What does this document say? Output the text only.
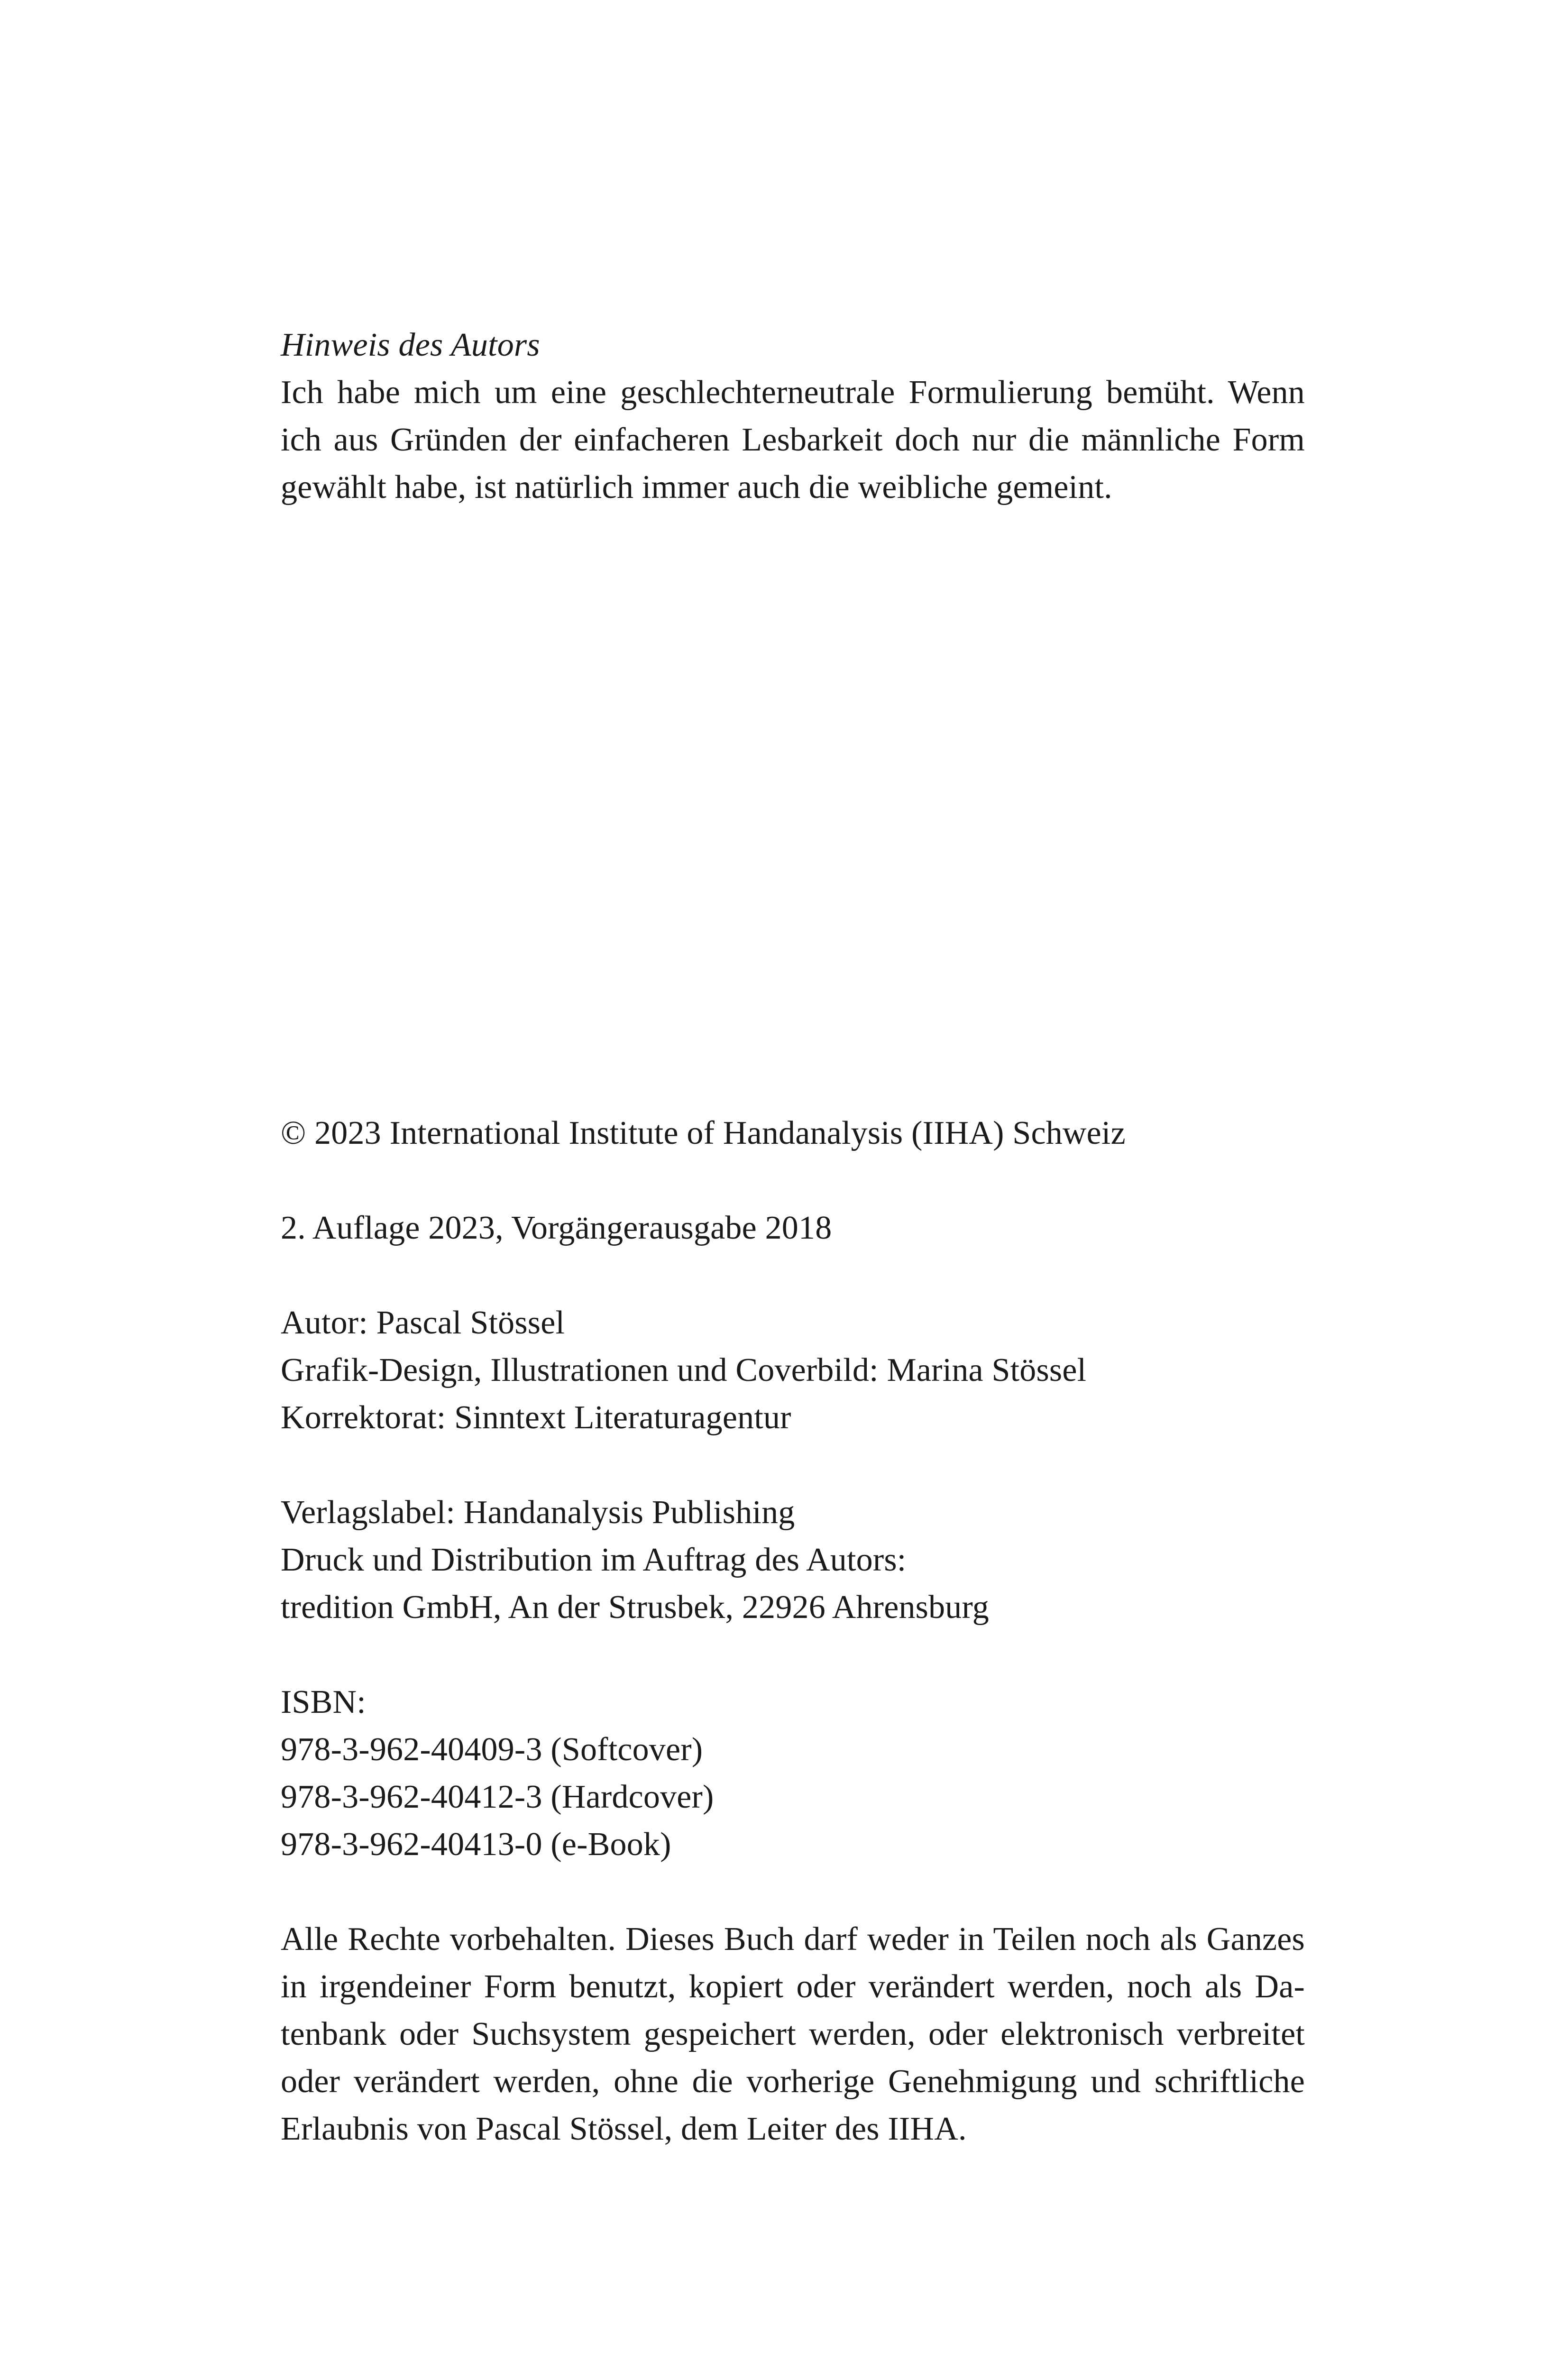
Hinweis des Autors
Ich habe mich um eine geschlechterneutrale Formulierung bemüht. Wenn
ich aus Gründen der einfacheren Lesbarkeit doch nur die männliche Form
gewählt habe, ist natürlich immer auch die weibliche gemeint.
© 2023 International Institute of Handanalysis (IIHA) Schweiz
2. Auflage 2023, Vorgängerausgabe 2018
Autor: Pascal Stössel
Grafik-Design, Illustrationen und Coverbild: Marina Stössel
Korrektorat: Sinntext Literaturagentur
Verlagslabel: Handanalysis Publishing
Druck und Distribution im Auftrag des Autors:
tredition GmbH, An der Strusbek, 22926 Ahrensburg
ISBN:
978-3-962-40409-3 (Softcover)
978-3-962-40412-3 (Hardcover)
978-3-962-40413-0 (e-Book)
Alle Rechte vorbehalten. Dieses Buch darf weder in Teilen noch als Ganzes
in irgendeiner Form benutzt, kopiert oder verändert werden, noch als Da-
tenbank oder Suchsystem gespeichert werden, oder elektronisch verbreitet
oder verändert werden, ohne die vorherige Genehmigung und schriftliche
Erlaubnis von Pascal Stössel, dem Leiter des IIHA.
